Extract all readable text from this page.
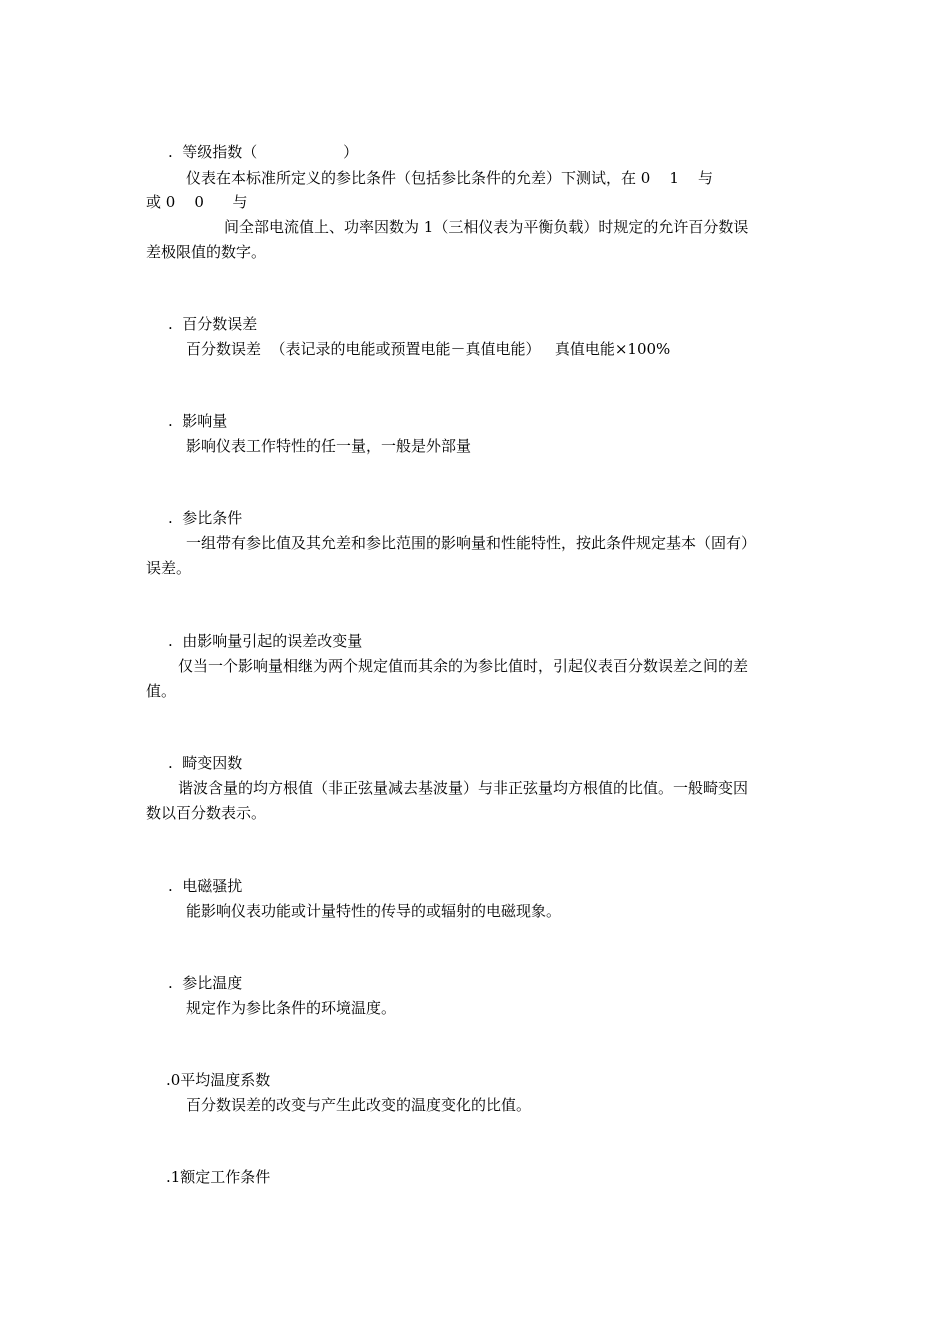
.  等级指数（                  ）
仪表在本标准所定义的参比条件（包括参比条件的允差）下测试，在 0    1    与
或 0    0      与
间全部电流值上、功率因数为 1（三相仪表为平衡负载）时规定的允许百分数误
差极限值的数字。
.  百分数误差
百分数误差  （表记录的电能或预置电能－真值电能）   真值电能×100%
.  影响量
影响仪表工作特性的任一量，一般是外部量
.  参比条件
一组带有参比值及其允差和参比范围的影响量和性能特性，按此条件规定基本（固有）
误差。
.  由影响量引起的误差改变量
仅当一个影响量相继为两个规定值而其余的为参比值时，引起仪表百分数误差之间的差
值。
.  畸变因数
谐波含量的均方根值（非正弦量减去基波量）与非正弦量均方根值的比值。一般畸变因
数以百分数表示。
.  电磁骚扰
能影响仪表功能或计量特性的传导的或辐射的电磁现象。
.  参比温度
规定作为参比条件的环境温度。
.0平均温度系数
百分数误差的改变与产生此改变的温度变化的比值。
.1额定工作条件
